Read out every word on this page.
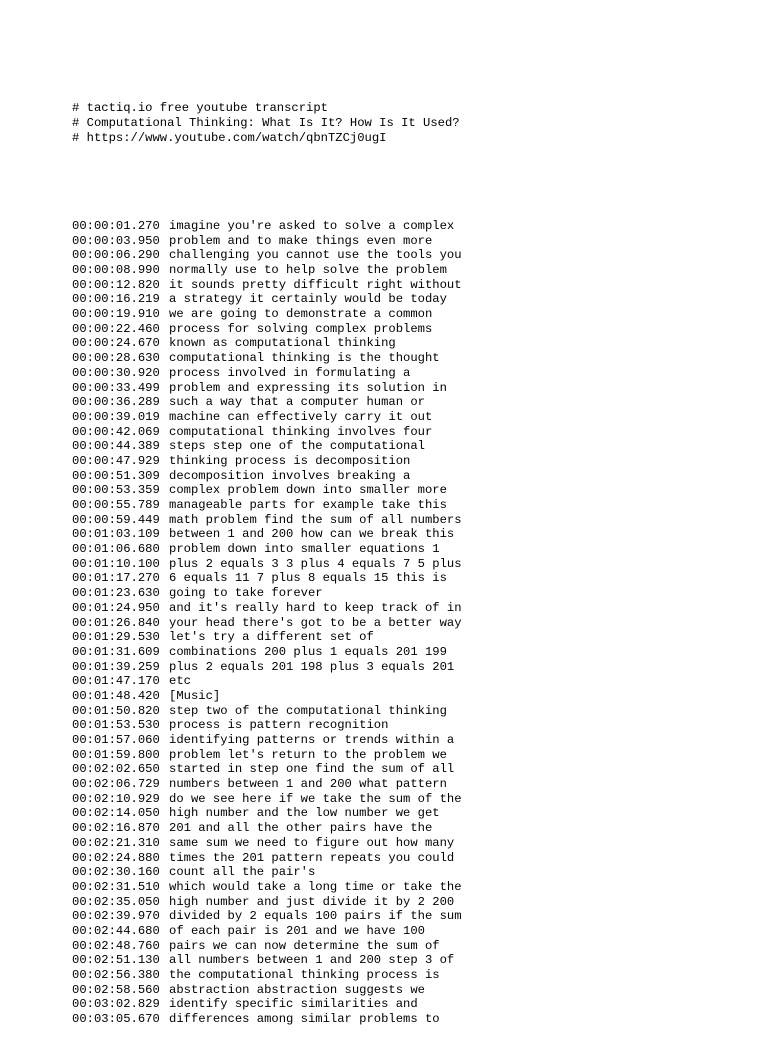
# tactiq.io free youtube transcript
# Computational Thinking: What Is It? How Is It Used?
# https://www.youtube.com/watch/qbnTZCj0ugI

00:00:01.270 imagine you're asked to solve a complex
00:00:03.950 problem and to make things even more
00:00:06.290 challenging you cannot use the tools you
00:00:08.990 normally use to help solve the problem
00:00:12.820 it sounds pretty difficult right without
00:00:16.219 a strategy it certainly would be today
00:00:19.910 we are going to demonstrate a common
00:00:22.460 process for solving complex problems
00:00:24.670 known as computational thinking
00:00:28.630 computational thinking is the thought
00:00:30.920 process involved in formulating a
00:00:33.499 problem and expressing its solution in
00:00:36.289 such a way that a computer human or
00:00:39.019 machine can effectively carry it out
00:00:42.069 computational thinking involves four
00:00:44.389 steps step one of the computational
00:00:47.929 thinking process is decomposition
00:00:51.309 decomposition involves breaking a
00:00:53.359 complex problem down into smaller more
00:00:55.789 manageable parts for example take this
00:00:59.449 math problem find the sum of all numbers
00:01:03.109 between 1 and 200 how can we break this
00:01:06.680 problem down into smaller equations 1
00:01:10.100 plus 2 equals 3 3 plus 4 equals 7 5 plus
00:01:17.270 6 equals 11 7 plus 8 equals 15 this is
00:01:23.630 going to take forever
00:01:24.950 and it's really hard to keep track of in
00:01:26.840 your head there's got to be a better way
00:01:29.530 let's try a different set of
00:01:31.609 combinations 200 plus 1 equals 201 199
00:01:39.259 plus 2 equals 201 198 plus 3 equals 201
00:01:47.170 etc
00:01:48.420 [Music]
00:01:50.820 step two of the computational thinking
00:01:53.530 process is pattern recognition
00:01:57.060 identifying patterns or trends within a
00:01:59.800 problem let's return to the problem we
00:02:02.650 started in step one find the sum of all
00:02:06.729 numbers between 1 and 200 what pattern
00:02:10.929 do we see here if we take the sum of the
00:02:14.050 high number and the low number we get
00:02:16.870 201 and all the other pairs have the
00:02:21.310 same sum we need to figure out how many
00:02:24.880 times the 201 pattern repeats you could
00:02:30.160 count all the pair's
00:02:31.510 which would take a long time or take the
00:02:35.050 high number and just divide it by 2 200
00:02:39.970 divided by 2 equals 100 pairs if the sum
00:02:44.680 of each pair is 201 and we have 100
00:02:48.760 pairs we can now determine the sum of
00:02:51.130 all numbers between 1 and 200 step 3 of
00:02:56.380 the computational thinking process is
00:02:58.560 abstraction abstraction suggests we
00:03:02.829 identify specific similarities and
00:03:05.670 differences among similar problems to
